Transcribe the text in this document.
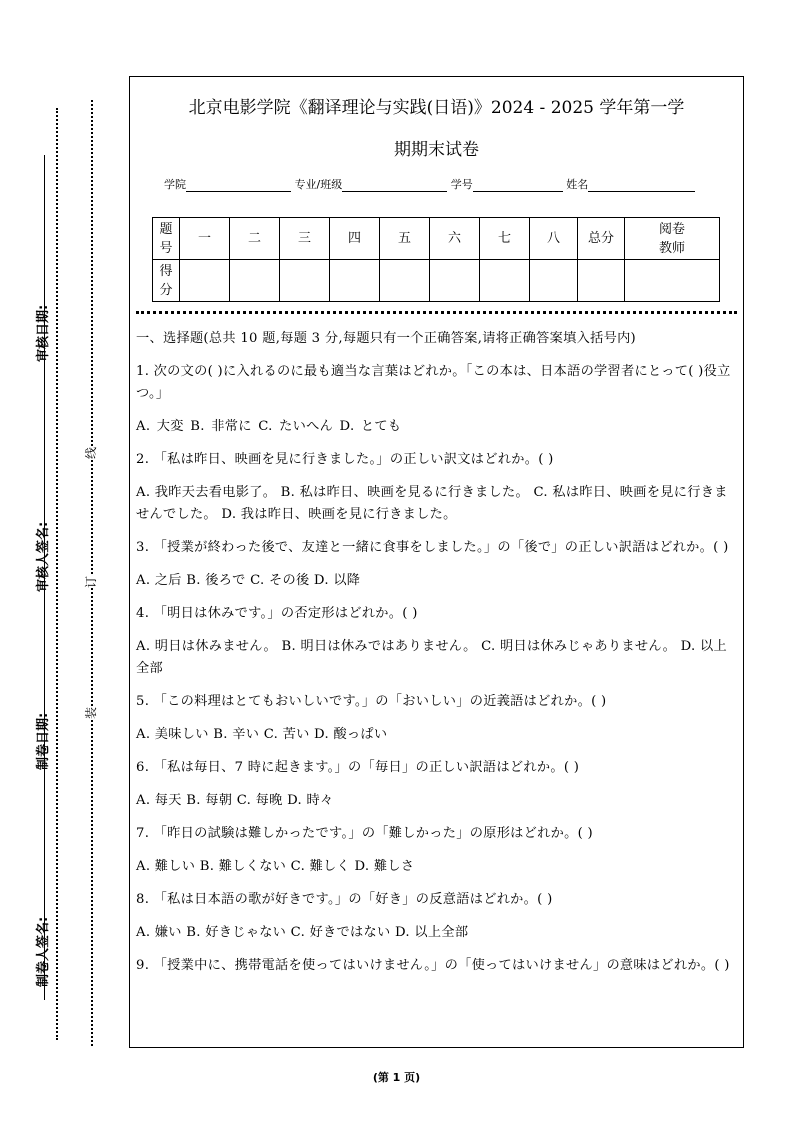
审核日期:
审核人签名:
制卷日期:
制卷人签名:
线
订
装
北京电影学院《翻译理论与实践(日语)》2024 - 2025 学年第一学
期期末试卷
学院	专业/班级	学号	姓名
题号	一	二	三	四	五	六	七	八	总分	阅卷教师

得分										

一、选择题(总共 10 题,每题 3 分,每题只有一个正确答案,请将正确答案填入括号内)

1. 次の文の( )に入れるのに最も適当な言葉はどれか。「この本は、日本語の学習者にとって( )役立つ。」

A. 大変 B. 非常に C. たいへん D. とても

2. 「私は昨日、映画を見に行きました。」の正しい訳文はどれか。( )

A. 我昨天去看电影了。 B. 私は昨日、映画を見るに行きました。 C. 私は昨日、映画を見に行きませんでした。 D. 我は昨日、映画を見に行きました。

3. 「授業が終わった後で、友達と一緒に食事をしました。」の「後で」の正しい訳語はどれか。( )

A. 之后 B. 後ろで C. その後 D. 以降

4. 「明日は休みです。」の否定形はどれか。( )

A. 明日は休みません。 B. 明日は休みではありません。 C. 明日は休みじゃありません。 D. 以上全部

5. 「この料理はとてもおいしいです。」の「おいしい」の近義語はどれか。( )

A. 美味しい B. 辛い C. 苦い D. 酸っぱい

6. 「私は毎日、7 時に起きます。」の「毎日」の正しい訳語はどれか。( )

A. 每天 B. 每朝 C. 每晚 D. 時々

7. 「昨日の試験は難しかったです。」の「難しかった」の原形はどれか。( )

A. 難しい B. 難しくない C. 難しく D. 難しさ

8. 「私は日本語の歌が好きです。」の「好き」の反意語はどれか。( )

A. 嫌い B. 好きじゃない C. 好きではない D. 以上全部

9. 「授業中に、携帯電話を使ってはいけません。」の「使ってはいけません」の意味はどれか。( )

(第 1 页)
